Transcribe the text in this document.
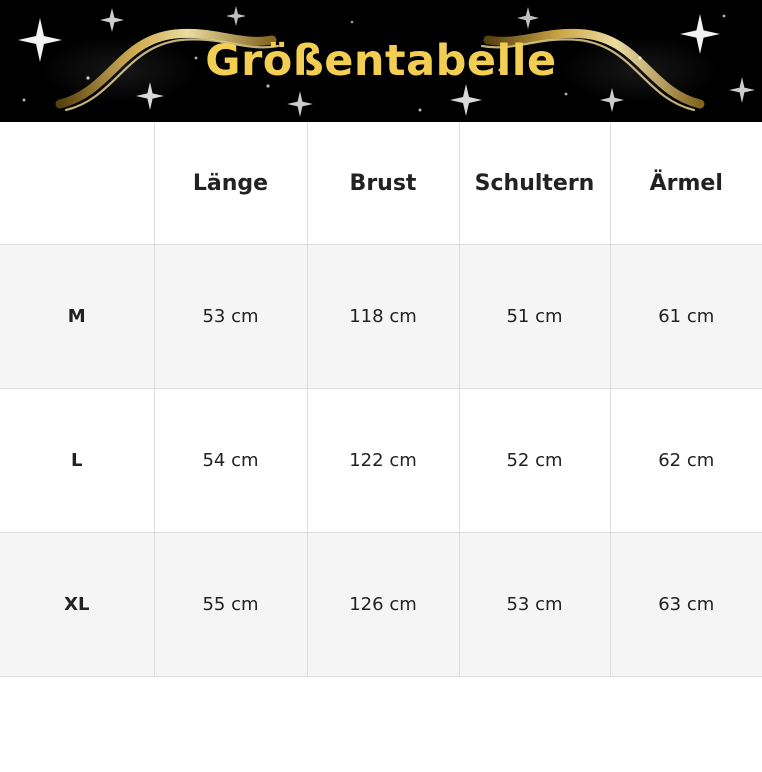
Größentabelle
	Länge	Brust	Schultern	Ärmel
M	53 cm	118 cm	51 cm	61 cm
L	54 cm	122 cm	52 cm	62 cm
XL	55 cm	126 cm	53 cm	63 cm
